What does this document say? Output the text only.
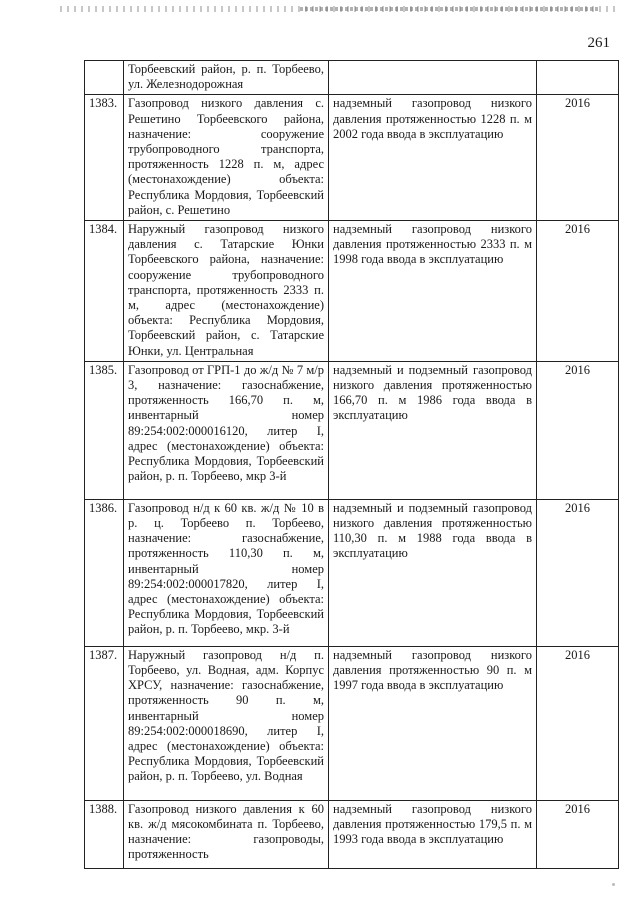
261
	Торбеевский район, р. п. Торбеево, ул. Железнодорожная		
1383.	Газопровод низкого давления с. Решетино Торбеевского района, назначение: сооружение трубопроводного транспорта, протяженность 1228 п. м, адрес (местонахождение) объекта: Республика Мордовия, Торбеевский район, с. Решетино	надземный газопровод низкого давления протяженностью 1228 п. м 2002 года ввода в эксплуатацию	2016
1384.	Наружный газопровод низкого давления с. Татарские Юнки Торбеевского района, назначение: сооружение трубопроводного транспорта, протяженность 2333 п. м, адрес (местонахождение) объекта: Республика Мордовия, Торбеевский район, с. Татарские Юнки, ул. Центральная	надземный газопровод низкого давления протяженностью 2333 п. м 1998 года ввода в эксплуатацию	2016
1385.	Газопровод от ГРП-1 до ж/д № 7 м/р 3, назначение: газоснабжение, протяженность 166,70 п. м, инвентарный номер 89:254:002:000016120, литер I, адрес (местонахождение) объекта: Республика Мордовия, Торбеевский район, р. п. Торбеево, мкр 3-й	надземный и подземный газопровод низкого давления протяженностью 166,70 п. м 1986 года ввода в эксплуатацию	2016
1386.	Газопровод н/д к 60 кв. ж/д № 10 в р. ц. Торбеево п. Торбеево, назначение: газоснабжение, протяженность 110,30 п. м, инвентарный номер 89:254:002:000017820, литер I, адрес (местонахождение) объекта: Республика Мордовия, Торбеевский район, р. п. Торбеево, мкр. 3-й	надземный и подземный газопровод низкого давления протяженностью 110,30 п. м 1988 года ввода в эксплуатацию	2016
1387.	Наружный газопровод н/д п. Торбеево, ул. Водная, адм. Корпус ХРСУ, назначение: газоснабжение, протяженность 90 п. м, инвентарный номер 89:254:002:000018690, литер I, адрес (местонахождение) объекта: Республика Мордовия, Торбеевский район, р. п. Торбеево, ул. Водная	надземный газопровод низкого давления протяженностью 90 п. м 1997 года ввода в эксплуатацию	2016
1388.	Газопровод низкого давления к 60 кв. ж/д мясокомбината п. Торбеево, назначение: газопроводы, протяженность	надземный газопровод низкого давления протяженностью 179,5 п. м 1993 года ввода в эксплуатацию	2016
